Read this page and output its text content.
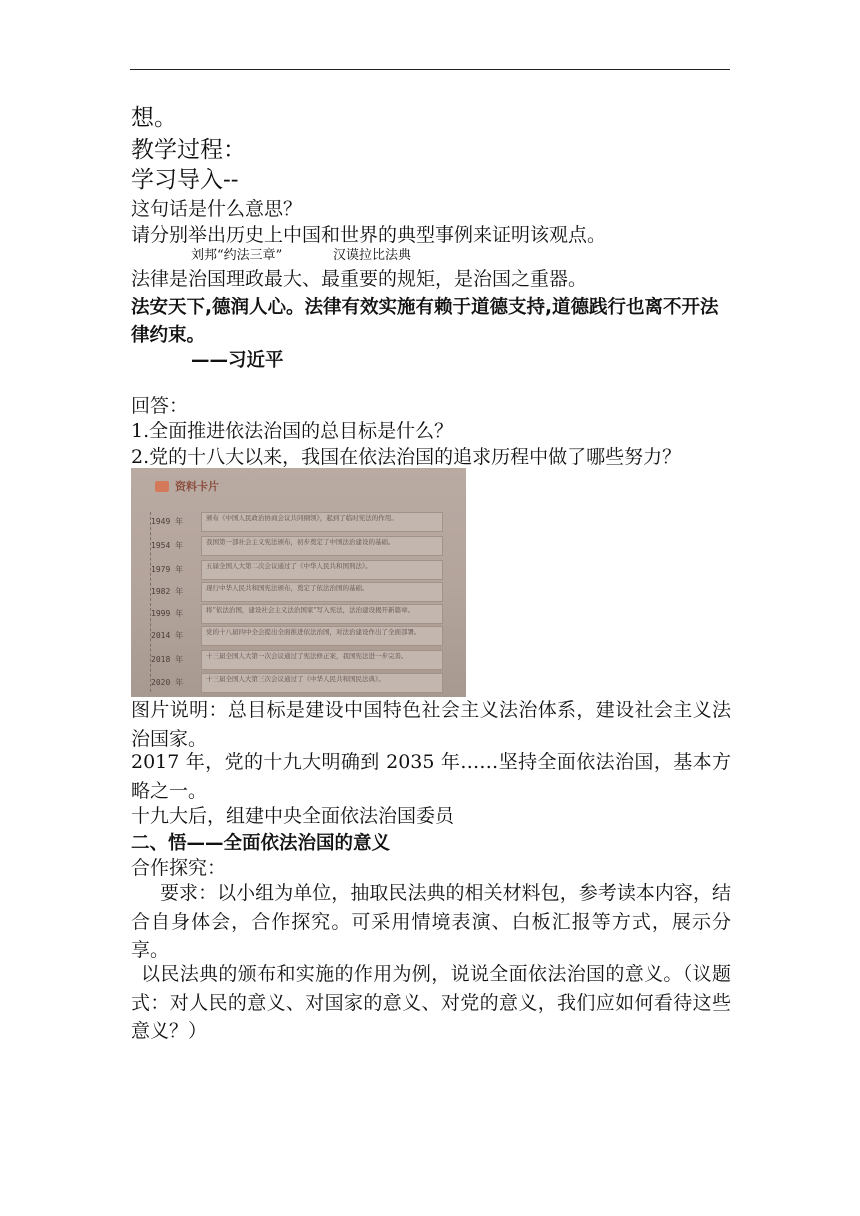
想。

教学过程：

学习导入--

这句话是什么意思？

请分别举出历史上中国和世界的典型事例来证明该观点。

刘邦“约法三章”	汉谟拉比法典

法律是治国理政最大、最重要的规矩，是治国之重器。

法安天下,德润人心。法律有效实施有赖于道德支持,道德践行也离不开法律约束。

——习近平

回答：

1.全面推进依法治国的总目标是什么？

2.党的十八大以来，我国在依法治国的追求历程中做了哪些努力？

资料卡片
1949 年	颁布《中国人民政治协商会议共同纲领》，起到了临时宪法的作用。
1954 年	我国第一部社会主义宪法颁布，初步奠定了中国法治建设的基础。
1979 年	五届全国人大第二次会议通过了《中华人民共和国刑法》。
1982 年	现行中华人民共和国宪法颁布，奠定了依法治国的基础。
1999 年	将“依法治国，建设社会主义法治国家”写入宪法，法治建设揭开新篇章。
2014 年	党的十八届四中全会提出全面推进依法治国，对法治建设作出了全面部署。
2018 年	十三届全国人大第一次会议通过了宪法修正案，我国宪法进一步完善。
2020 年	十三届全国人大第三次会议通过了《中华人民共和国民法典》。

图片说明：总目标是建设中国特色社会主义法治体系，建设社会主义法治国家。

2017 年，党的十九大明确到 2035 年……坚持全面依法治国，基本方略之一。

十九大后，组建中央全面依法治国委员

二、悟——全面依法治国的意义

合作探究：

要求：以小组为单位，抽取民法典的相关材料包，参考读本内容，结合自身体会，合作探究。可采用情境表演、白板汇报等方式，展示分享。

以民法典的颁布和实施的作用为例，说说全面依法治国的意义。（议题式：对人民的意义、对国家的意义、对党的意义，我们应如何看待这些意义？）
